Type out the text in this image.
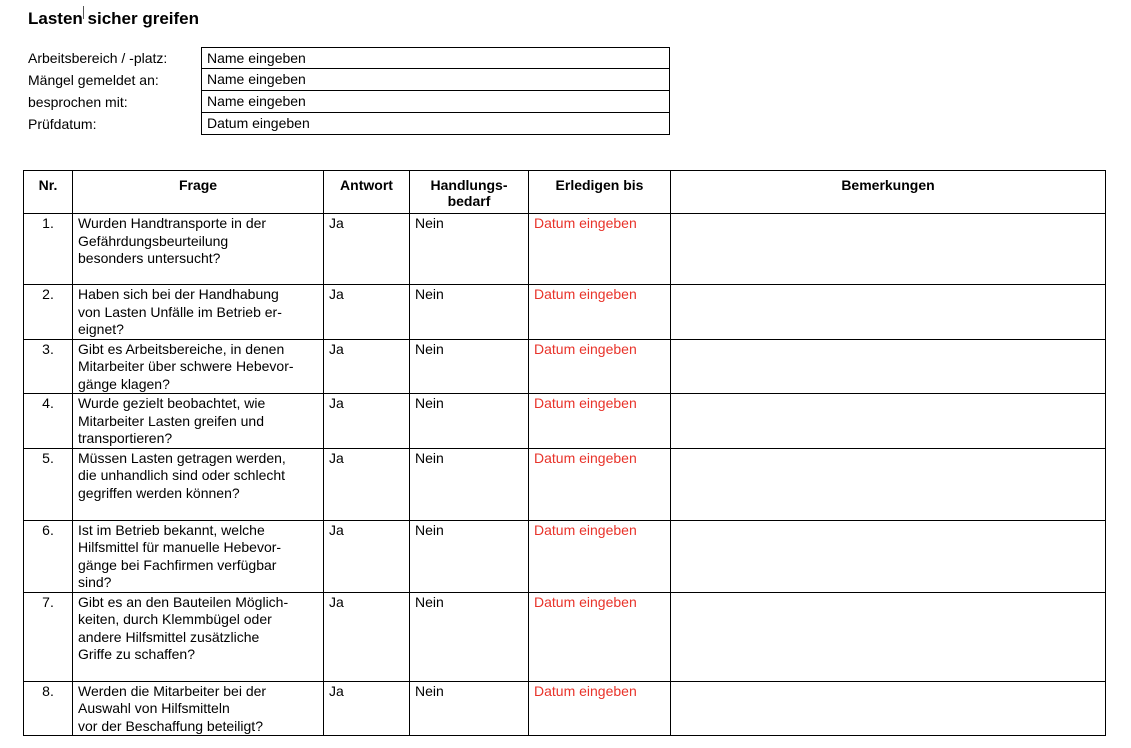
Lasten sicher greifen
Arbeitsbereich / -platz:	Name eingeben
Mängel gemeldet an:	Name eingeben
besprochen mit:	Name eingeben
Prüfdatum:	Datum eingeben
Nr.	Frage	Antwort	Handlungs-
bedarf	Erledigen bis	Bemerkungen
1.	Wurden Handtransporte in der
Gefährdungsbeurteilung
besonders untersucht?	Ja	Nein	Datum eingeben	
2.	Haben sich bei der Handhabung
von Lasten Unfälle im Betrieb er-
eignet?	Ja	Nein	Datum eingeben	
3.	Gibt es Arbeitsbereiche, in denen
Mitarbeiter über schwere Hebevor-
gänge klagen?	Ja	Nein	Datum eingeben	
4.	Wurde gezielt beobachtet, wie
Mitarbeiter Lasten greifen und
transportieren?	Ja	Nein	Datum eingeben	
5.	Müssen Lasten getragen werden,
die unhandlich sind oder schlecht
gegriffen werden können?	Ja	Nein	Datum eingeben	
6.	Ist im Betrieb bekannt, welche
Hilfsmittel für manuelle Hebevor-
gänge bei Fachfirmen verfügbar
sind?	Ja	Nein	Datum eingeben	
7.	Gibt es an den Bauteilen Möglich-
keiten, durch Klemmbügel oder
andere Hilfsmittel zusätzliche
Griffe zu schaffen?	Ja	Nein	Datum eingeben	
8.	Werden die Mitarbeiter bei der
Auswahl von Hilfsmitteln
vor der Beschaffung beteiligt?	Ja	Nein	Datum eingeben	
